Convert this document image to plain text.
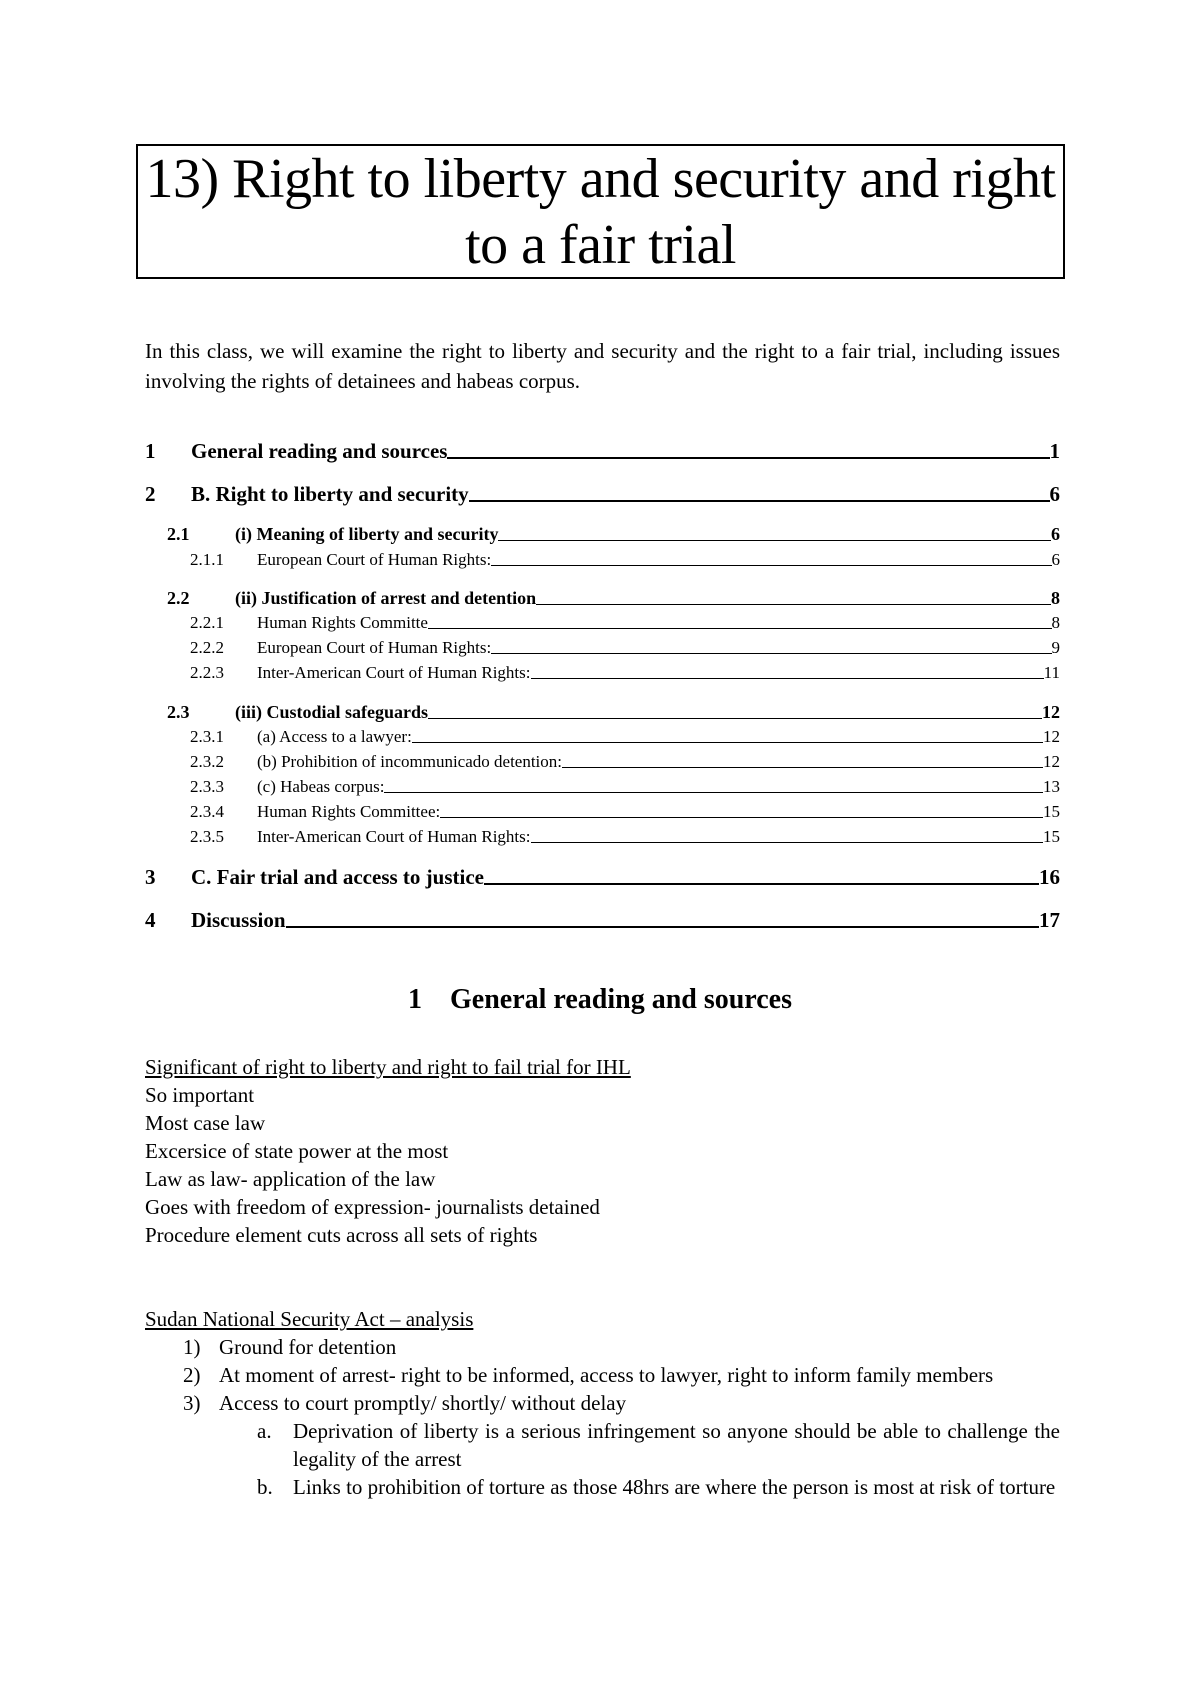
13) Right to liberty and security and right
to a fair trial
In this class, we will examine the right to liberty and security and the right to a fair trial, including issues involving the rights of detainees and habeas corpus.
1	General reading and sources	1
2	B. Right to liberty and security	6
2.1	(i) Meaning of liberty and security	6
2.1.1	European Court of Human Rights:	6
2.2	(ii) Justification of arrest and detention	8
2.2.1	Human Rights Committe	8
2.2.2	European Court of Human Rights:	9
2.2.3	Inter-American Court of Human Rights:	11
2.3	(iii) Custodial safeguards	12
2.3.1	(a) Access to a lawyer:	12
2.3.2	(b) Prohibition of incommunicado detention:	12
2.3.3	(c) Habeas corpus:	13
2.3.4	Human Rights Committee:	15
2.3.5	Inter-American Court of Human Rights:	15
3	C. Fair trial and access to justice	16
4	Discussion	17
1 General reading and sources
Significant of right to liberty and right to fail trial for IHL
So important
Most case law
Excersice of state power at the most
Law as law- application of the law
Goes with freedom of expression- journalists detained
Procedure element cuts across all sets of rights
Sudan National Security Act – analysis
1) Ground for detention
2) At moment of arrest- right to be informed, access to lawyer, right to inform family members
3) Access to court promptly/ shortly/ without delay
a. Deprivation of liberty is a serious infringement so anyone should be able to challenge the legality of the arrest
b. Links to prohibition of torture as those 48hrs are where the person is most at risk of torture
